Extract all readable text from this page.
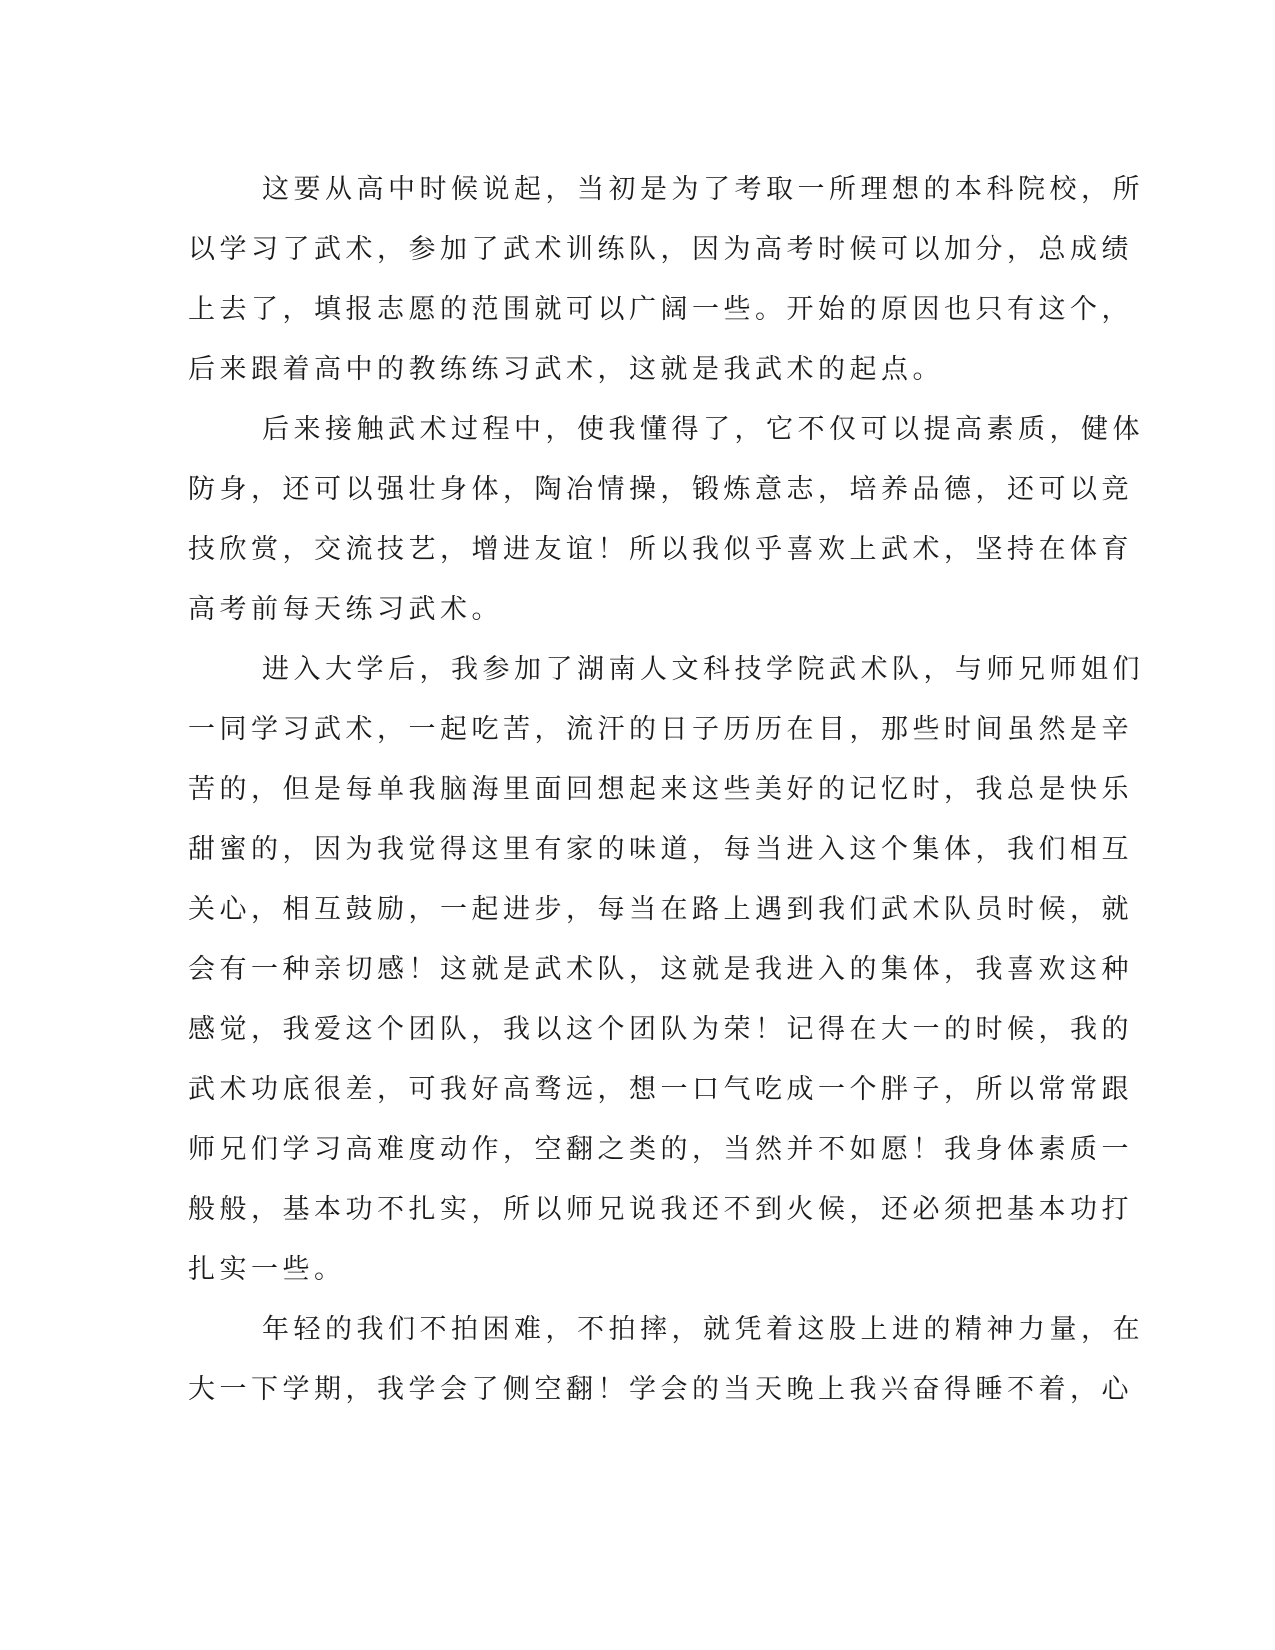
这要从高中时候说起，当初是为了考取一所理想的本科院校，所
以学习了武术，参加了武术训练队，因为高考时候可以加分，总成绩
上去了，填报志愿的范围就可以广阔一些。开始的原因也只有这个，
后来跟着高中的教练练习武术，这就是我武术的起点。
后来接触武术过程中，使我懂得了，它不仅可以提高素质，健体
防身，还可以强壮身体，陶冶情操，锻炼意志，培养品德，还可以竞
技欣赏，交流技艺，增进友谊！所以我似乎喜欢上武术，坚持在体育
高考前每天练习武术。
进入大学后，我参加了湖南人文科技学院武术队，与师兄师姐们
一同学习武术，一起吃苦，流汗的日子历历在目，那些时间虽然是辛
苦的，但是每单我脑海里面回想起来这些美好的记忆时，我总是快乐
甜蜜的，因为我觉得这里有家的味道，每当进入这个集体，我们相互
关心，相互鼓励，一起进步，每当在路上遇到我们武术队员时候，就
会有一种亲切感！这就是武术队，这就是我进入的集体，我喜欢这种
感觉，我爱这个团队，我以这个团队为荣！记得在大一的时候，我的
武术功底很差，可我好高骛远，想一口气吃成一个胖子，所以常常跟
师兄们学习高难度动作，空翻之类的，当然并不如愿！我身体素质一
般般，基本功不扎实，所以师兄说我还不到火候，还必须把基本功打
扎实一些。
年轻的我们不拍困难，不拍摔，就凭着这股上进的精神力量，在
大一下学期，我学会了侧空翻！学会的当天晚上我兴奋得睡不着，心
